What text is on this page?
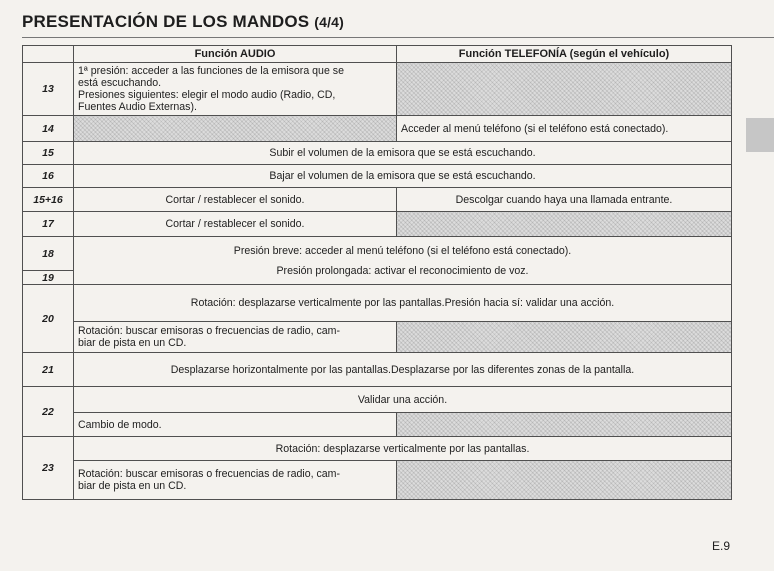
PRESENTACIÓN DE LOS MANDOS (4/4)
	Función AUDIO	Función TELEFONÍA (según el vehículo)
13	1ª presión: acceder a las funciones de la emisora que se
está escuchando.
Presiones siguientes: elegir el modo audio (Radio, CD,
Fuentes Audio Externas).	

14		Acceder al menú teléfono (si el teléfono está conectado).
15	Subir el volumen de la emisora que se está escuchando.	
16	Bajar el volumen de la emisora que se está escuchando.	
15+16	Cortar / restablecer el sonido.	Descolgar cuando haya una llamada entrante.
17	Cortar / restablecer el sonido.	
18	Presión breve: acceder al menú teléfono (si el teléfono está conectado).
Presión prolongada: activar el reconocimiento de voz.	

19		
20	Rotación: desplazarse verticalmente por las pantallas.Presión hacia sí: validar una acción.	

	Rotación: buscar emisoras o frecuencias de radio, cam-
biar de pista en un CD.	

21	Desplazarse horizontalmente por las pantallas.Desplazarse por las diferentes zonas de la pantalla.	
22	Validar una acción.	
	Cambio de modo.	
23	Rotación: desplazarse verticalmente por las pantallas.	

	Rotación: buscar emisoras o frecuencias de radio, cam-
biar de pista en un CD.	

E.9
